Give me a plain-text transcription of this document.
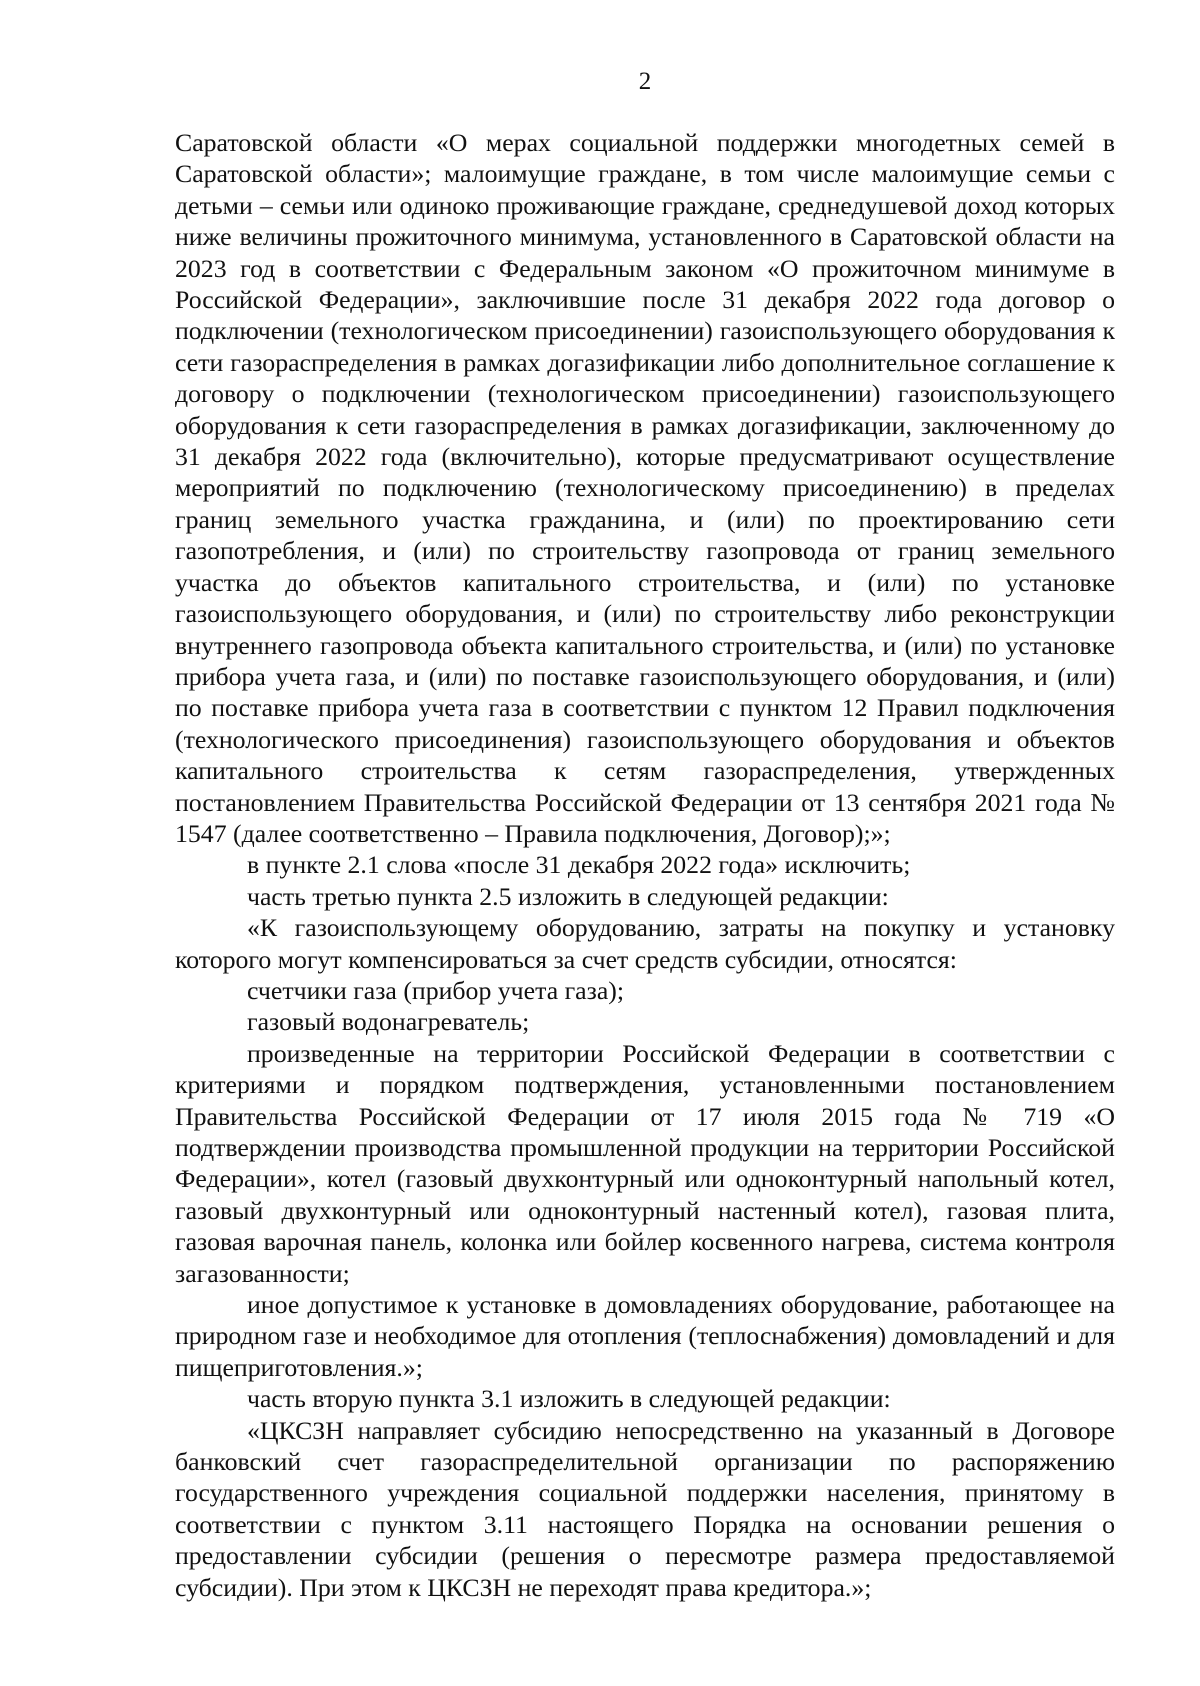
2

Саратовской области «О мерах социальной поддержки многодетных семей в Саратовской области»; малоимущие граждане, в том числе малоимущие семьи с детьми – семьи или одиноко проживающие граждане, среднедушевой доход которых ниже величины прожиточного минимума, установленного в Саратовской области на 2023 год в соответствии с Федеральным законом «О прожиточном минимуме в Российской Федерации», заключившие после 31 декабря 2022 года договор о подключении (технологическом присоединении) газоиспользующего оборудования к сети газораспределения в рамках догазификации либо дополнительное соглашение к договору о подключении (технологическом присоединении) газоиспользующего оборудования к сети газораспределения в рамках догазификации, заключенному до 31 декабря 2022 года (включительно), которые предусматривают осуществление мероприятий по подключению (технологическому присоединению) в пределах границ земельного участка гражданина, и (или) по проектированию сети газопотребления, и (или) по строительству газопровода от границ земельного участка до объектов капитального строительства, и (или) по установке газоиспользующего оборудования, и (или) по строительству либо реконструкции внутреннего газопровода объекта капитального строительства, и (или) по установке прибора учета газа, и (или) по поставке газоиспользующего оборудования, и (или) по поставке прибора учета газа в соответствии с пунктом 12 Правил подключения (технологического присоединения) газоиспользующего оборудования и объектов капитального строительства к сетям газораспределения, утвержденных постановлением Правительства Российской Федерации от 13 сентября 2021 года № 1547 (далее соответственно – Правила подключения, Договор);»;

в пункте 2.1 слова «после 31 декабря 2022 года» исключить;

часть третью пункта 2.5 изложить в следующей редакции:

«К газоиспользующему оборудованию, затраты на покупку и установку которого могут компенсироваться за счет средств субсидии, относятся:

счетчики газа (прибор учета газа);

газовый водонагреватель;

произведенные на территории Российской Федерации в соответствии с критериями и порядком подтверждения, установленными постановлением Правительства Российской Федерации от 17 июля 2015 года № 719 «О подтверждении производства промышленной продукции на территории Российской Федерации», котел (газовый двухконтурный или одноконтурный напольный котел, газовый двухконтурный или одноконтурный настенный котел), газовая плита, газовая варочная панель, колонка или бойлер косвенного нагрева, система контроля загазованности;

иное допустимое к установке в домовладениях оборудование, работающее на природном газе и необходимое для отопления (теплоснабжения) домовладений и для пищеприготовления.»;

часть вторую пункта 3.1 изложить в следующей редакции:

«ЦКСЗН направляет субсидию непосредственно на указанный в Договоре банковский счет газораспределительной организации по распоряжению государственного учреждения социальной поддержки населения, принятому в соответствии с пунктом 3.11 настоящего Порядка на основании решения о предоставлении субсидии (решения о пересмотре размера предоставляемой субсидии). При этом к ЦКСЗН не переходят права кредитора.»;
